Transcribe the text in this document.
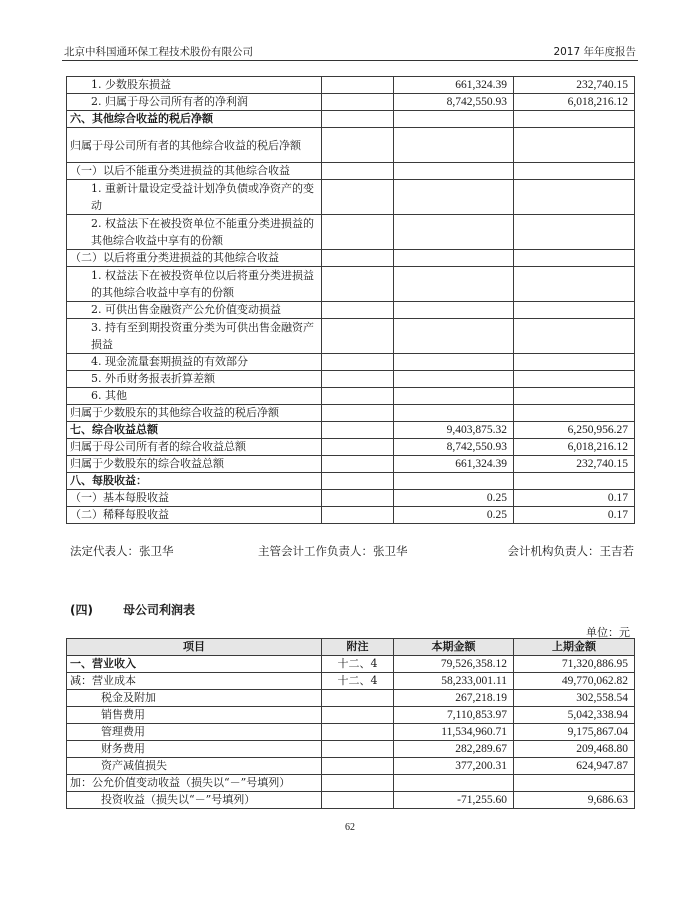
北京中科国通环保工程技术股份有限公司	2017 年年度报告
1. 少数股东损益		661,324.39	232,740.15
2. 归属于母公司所有者的净利润		8,742,550.93	6,018,216.12
六、其他综合收益的税后净额			
归属于母公司所有者的其他综合收益的税后净额			
（一）以后不能重分类进损益的其他综合收益			
1. 重新计量设定受益计划净负债或净资产的变动			
2. 权益法下在被投资单位不能重分类进损益的其他综合收益中享有的份额			
（二）以后将重分类进损益的其他综合收益			
1. 权益法下在被投资单位以后将重分类进损益的其他综合收益中享有的份额			
2. 可供出售金融资产公允价值变动损益			
3. 持有至到期投资重分类为可供出售金融资产损益			
4. 现金流量套期损益的有效部分			
5. 外币财务报表折算差额			
6. 其他			
归属于少数股东的其他综合收益的税后净额			
七、综合收益总额		9,403,875.32	6,250,956.27
归属于母公司所有者的综合收益总额		8,742,550.93	6,018,216.12
归属于少数股东的综合收益总额		661,324.39	232,740.15
八、每股收益：			
（一）基本每股收益		0.25	0.17
（二）稀释每股收益		0.25	0.17
法定代表人：张卫华	主管会计工作负责人：张卫华	会计机构负责人：王吉若
(四)	母公司利润表
单位：元
项目	附注	本期金额	上期金额
一、营业收入	十二、4	79,526,358.12	71,320,886.95
减：营业成本	十二、4	58,233,001.11	49,770,062.82
税金及附加		267,218.19	302,558.54
销售费用		7,110,853.97	5,042,338.94
管理费用		11,534,960.71	9,175,867.04
财务费用		282,289.67	209,468.80
资产减值损失		377,200.31	624,947.87
加：公允价值变动收益（损失以“－”号填列）			
投资收益（损失以“－”号填列）		-71,255.60	9,686.63
62
